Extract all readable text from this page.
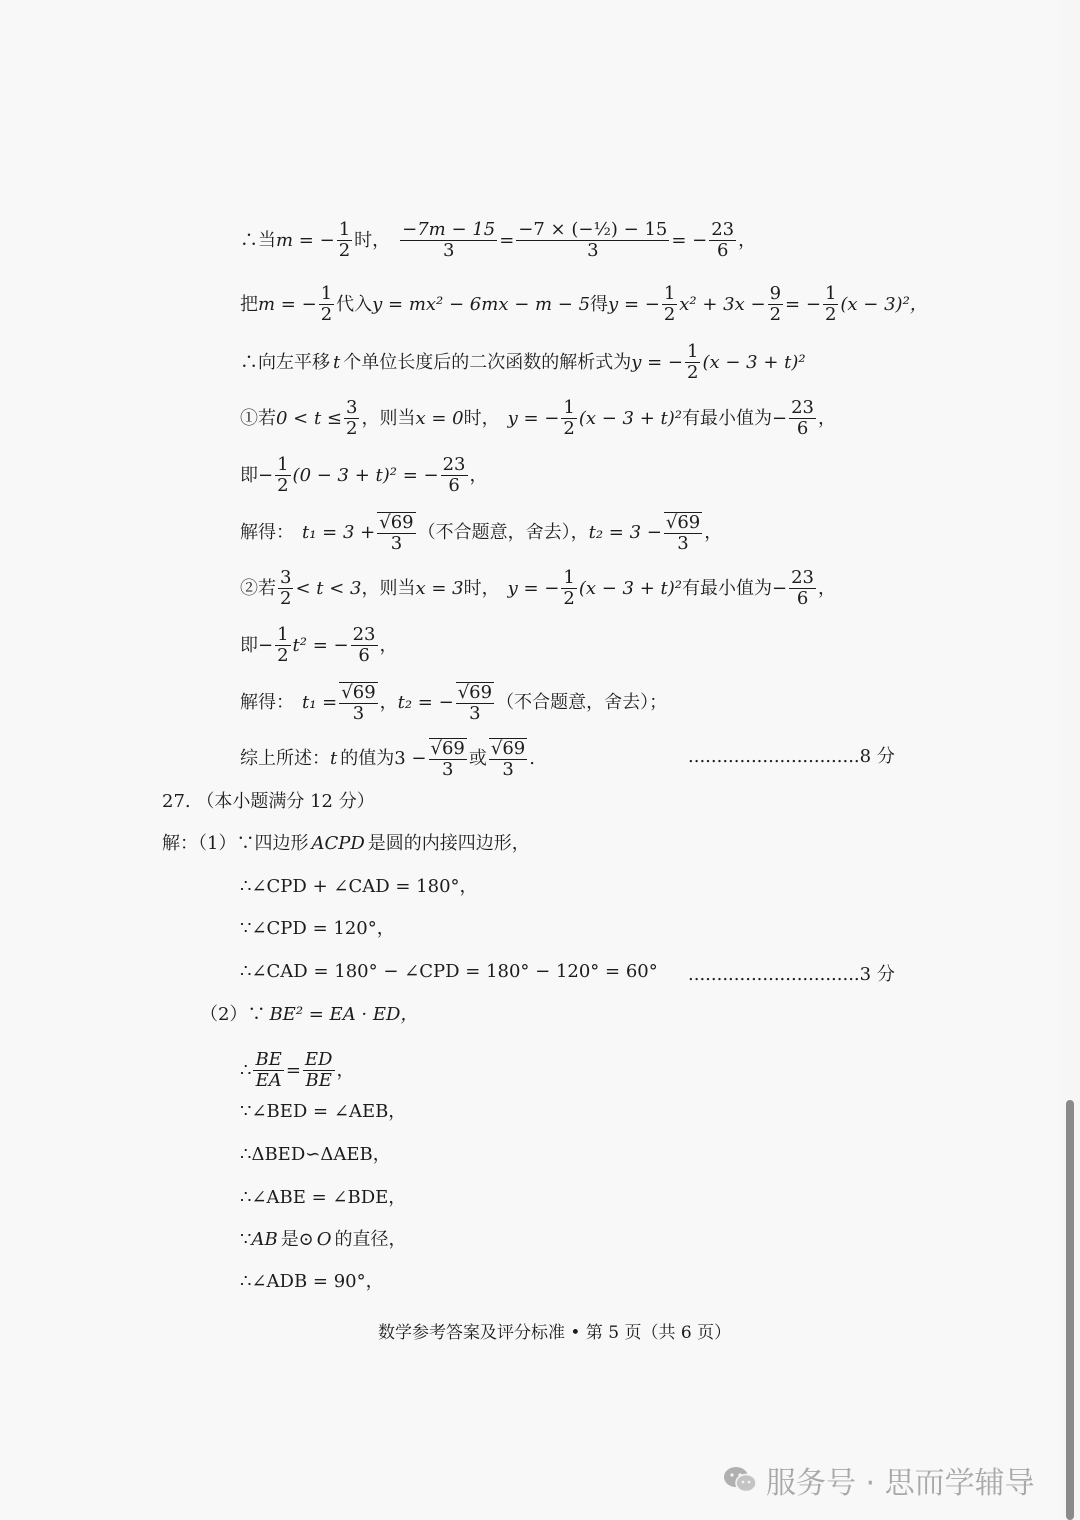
∴当 m = − $\frac{1}{2}$ 时， $\frac{-7m - 15}{3} = \frac{\text{−7 × (−½) − 15}}{3}$ = − $\frac{23}{6}$ ，
把 m = − $\frac{1}{2}$ 代入 y = mx² − 6mx − m − 5 得 y = − $\frac{1}{2} x^2 + 3x - \frac{9}{2}$ = − $\frac{1}{2} (x - 3)^2$，
∴向左平移 t 个单位长度后的二次函数的解析式为 y = − $\frac{1}{2} (x - 3 + t)^2$
①若 $0 < t \le \frac{3}{2}$ ，则当 x = 0 时， y = − $\frac{1}{2} (x - 3 + t)^2$ 有最小值为 − $\frac{23}{6}$ ，
即 − $\frac{1}{2} (0 - 3 + t)^2$ = − $\frac{23}{6}$ ，
解得： $t_1 = 3 + \frac{√69}{3}$ （不合题意，舍去）， $t_2 = 3 - \frac{√69}{3}$ ，
②若 $\frac{3}{2} < t < 3$ ，则当 x = 3 时， y = − $\frac{1}{2} (x - 3 + t)^2$ 有最小值为 − $\frac{23}{6}$ ，
即 − $\frac{1}{2} t^2$ = − $\frac{23}{6}$ ，
解得： $t_1 = \frac{√69}{3}$ ， t₂ = − $\frac{√69}{3}$ （不合题意，舍去）；
综上所述： t 的值为 $3 - \frac{√69}{3}$ 或 $\frac{√69}{3}$ .	..............................8 分
27. （本小题满分 12 分）
解：（1）∵四边形 ACPD 是圆的内接四边形，
∴∠CPD + ∠CAD = 180°，
∵∠CPD = 120°，
∴∠CAD = 180° − ∠CPD = 180° − 120° = 60° ..............................3 分
（2）∵ BE² = EA · ED，
∴ $\frac{BE}{EA} = \frac{ED}{BE}$ ，
∵∠BED = ∠AEB，
∴ΔBED∽ΔAEB，
∴∠ABE = ∠BDE，
∵ AB 是⊙ O 的直径，
∴∠ADB = 90°，
数学参考答案及评分标准 • 第 5 页（共 6 页）
服务号 · 思而学辅导
